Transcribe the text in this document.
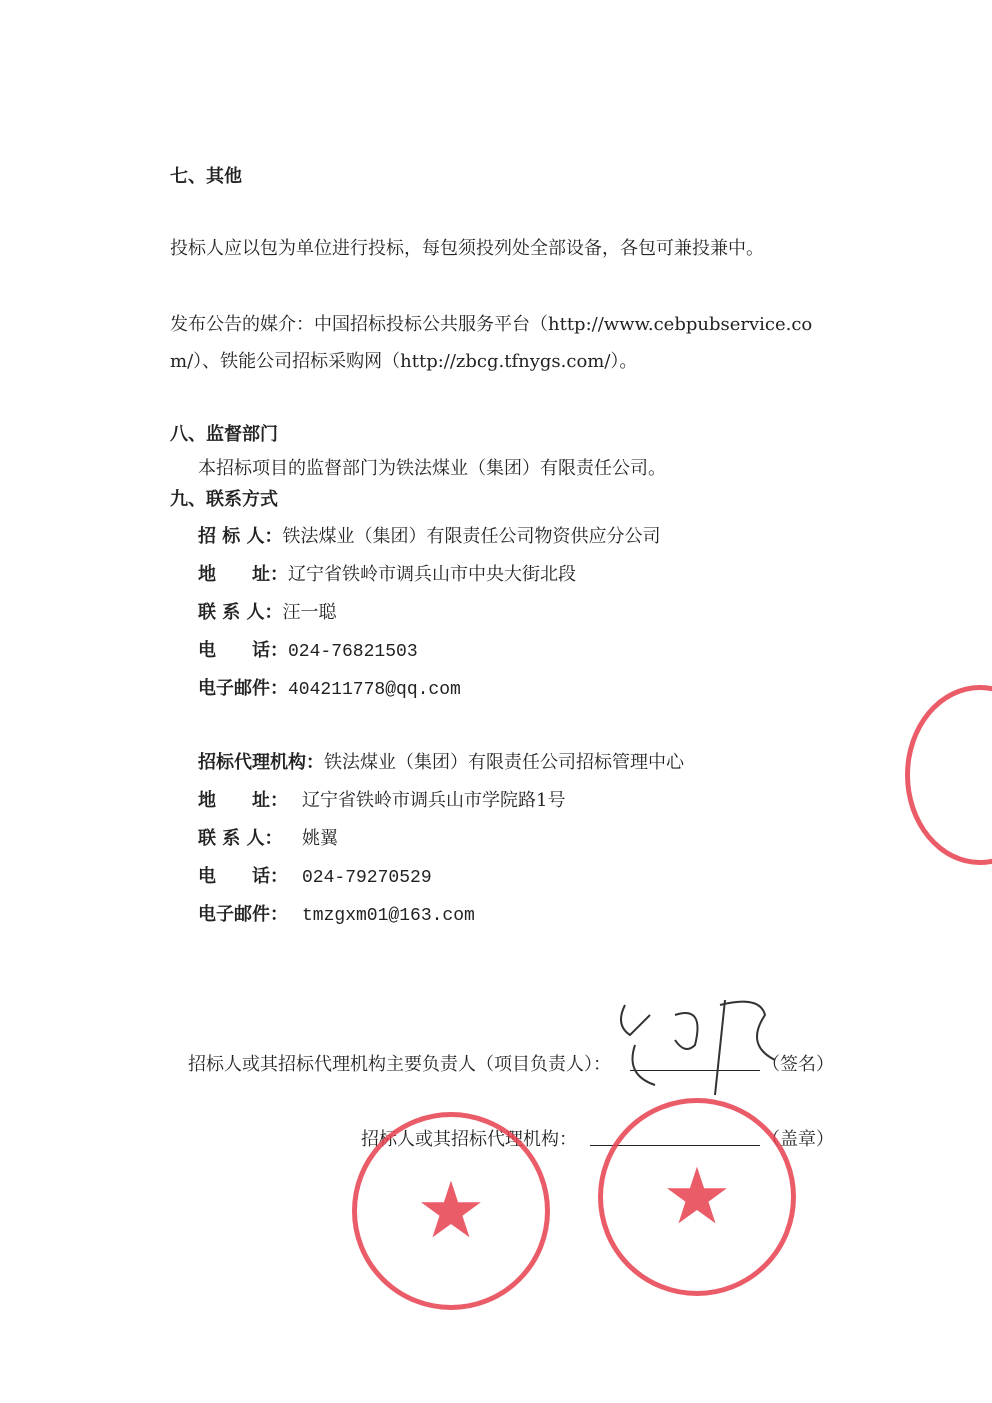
七、其他
投标人应以包为单位进行投标，每包须投列处全部设备，各包可兼投兼中。
发布公告的媒介：中国招标投标公共服务平台（http://www.cebpubservice.co
m/）、铁能公司招标采购网（http://zbcg.tfnygs.com/）。
八、监督部门
本招标项目的监督部门为铁法煤业（集团）有限责任公司。
九、联系方式
招 标 人：铁法煤业（集团）有限责任公司物资供应分公司
地　　址：辽宁省铁岭市调兵山市中央大街北段
联 系 人：汪一聪
电　　话：024-76821503
电子邮件：404211778@qq.com
招标代理机构：铁法煤业（集团）有限责任公司招标管理中心
地　　址： 辽宁省铁岭市调兵山市学院路1号
联 系 人： 姚翼
电　　话： 024-79270529
电子邮件： tmzgxm01@163.com
招标人或其招标代理机构主要负责人（项目负责人）：	（签名）
招标人或其招标代理机构：	（盖章）
★ ★
